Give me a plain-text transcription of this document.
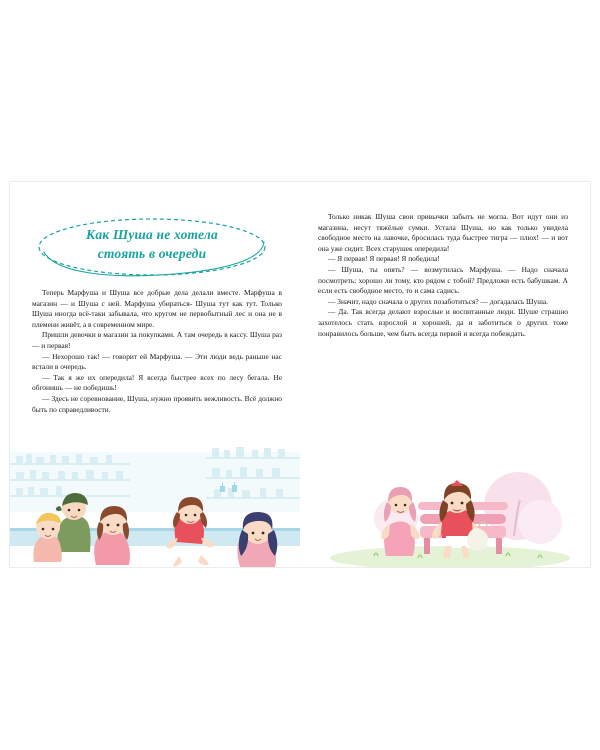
Как Шуша не хотела
стоять в очереди

Теперь Марфуша и Шуша все добрые дела делали вместе. Марфуша в магазин — и Шуша с ней. Марфуша убираться- Шуша тут как тут. Только Шуша иногда всё-таки забывала, что кругом не первобытный лес и она не в племени живёт, а в современном мире.

Пришли девочки в магазин за покупками. А там очередь в кассу. Шуша раз — и первая!

— Нехорошо так! — говорит ей Марфуша. — Эти люди ведь раньше нас встали в очередь.

— Так я же их опередила! Я всегда быстрее всех по лесу бегала. Не обгонишь — не победишь!

— Здесь не соревнование, Шуша, нужно проявить вежливость. Всё должно быть по справедливости.

Только никак Шуша свои привычки забыть не могла. Вот идут они из магазина, несут тяжёлые сумки. Устала Шуша, но как только увидела свободное место на лавочке, бросилась туда быстрее тигра — плюх! — и вот она уже сидит. Всех старушек опередила!

— Я первая! Я первая! Я победила!

— Шуша, ты опять? — возмутилась Марфуша. — Надо сначала посмотреть: хорошо ли тому, кто рядом с тобой? Предложи есть бабушкам. А если есть свободное место, то и сама садись.

— Значит, надо сначала о других позаботиться? — догадалась Шуша.

— Да. Так всегда делают взрослые и воспитанные люди. Шуше страшно захотелось стать взрослой и хорошей, да и заботиться о других тоже понравилось больше, чем быть всегда первой и всегда побеждать.
